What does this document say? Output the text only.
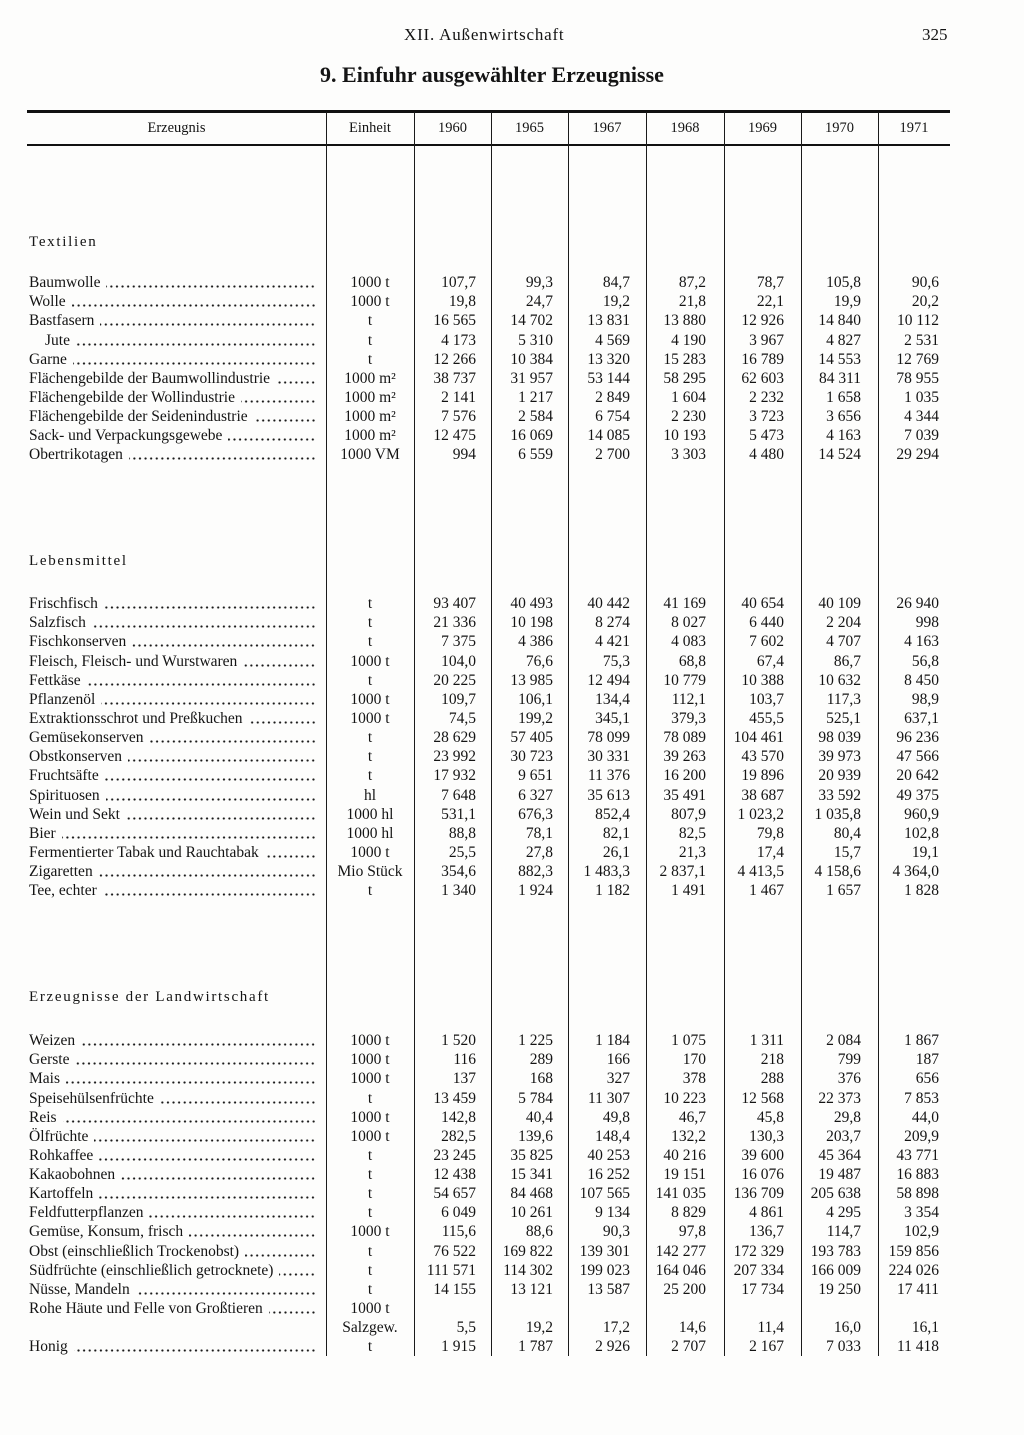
XII. Außenwirtschaft	325
9. Einfuhr ausgewählter Erzeugnisse
Erzeugnis	Einheit	1960	1965	1967	1968	1969	1970	1971
Textilien
Baumwolle	1000 t	107,7	99,3	84,7	87,2	78,7	105,8	90,6
Wolle	1000 t	19,8	24,7	19,2	21,8	22,1	19,9	20,2
Bastfasern	t	16 565	14 702	13 831	13 880	12 926	14 840	10 112
Jute	t	4 173	5 310	4 569	4 190	3 967	4 827	2 531
Garne	t	12 266	10 384	13 320	15 283	16 789	14 553	12 769
Flächengebilde der Baumwollindustrie	1000 m²	38 737	31 957	53 144	58 295	62 603	84 311	78 955
Flächengebilde der Wollindustrie	1000 m²	2 141	1 217	2 849	1 604	2 232	1 658	1 035
Flächengebilde der Seidenindustrie	1000 m²	7 576	2 584	6 754	2 230	3 723	3 656	4 344
Sack- und Verpackungsgewebe	1000 m²	12 475	16 069	14 085	10 193	5 473	4 163	7 039
Obertrikotagen	1000 VM	994	6 559	2 700	3 303	4 480	14 524	29 294
Lebensmittel
Frischfisch	t	93 407	40 493	40 442	41 169	40 654	40 109	26 940
Salzfisch	t	21 336	10 198	8 274	8 027	6 440	2 204	998
Fischkonserven	t	7 375	4 386	4 421	4 083	7 602	4 707	4 163
Fleisch, Fleisch- und Wurstwaren	1000 t	104,0	76,6	75,3	68,8	67,4	86,7	56,8
Fettkäse	t	20 225	13 985	12 494	10 779	10 388	10 632	8 450
Pflanzenöl	1000 t	109,7	106,1	134,4	112,1	103,7	117,3	98,9
Extraktionsschrot und Preßkuchen	1000 t	74,5	199,2	345,1	379,3	455,5	525,1	637,1
Gemüsekonserven	t	28 629	57 405	78 099	78 089	104 461	98 039	96 236
Obstkonserven	t	23 992	30 723	30 331	39 263	43 570	39 973	47 566
Fruchtsäfte	t	17 932	9 651	11 376	16 200	19 896	20 939	20 642
Spirituosen	hl	7 648	6 327	35 613	35 491	38 687	33 592	49 375
Wein und Sekt	1000 hl	531,1	676,3	852,4	807,9	1 023,2	1 035,8	960,9
Bier	1000 hl	88,8	78,1	82,1	82,5	79,8	80,4	102,8
Fermentierter Tabak und Rauchtabak	1000 t	25,5	27,8	26,1	21,3	17,4	15,7	19,1
Zigaretten	Mio Stück	354,6	882,3	1 483,3	2 837,1	4 413,5	4 158,6	4 364,0
Tee, echter	t	1 340	1 924	1 182	1 491	1 467	1 657	1 828
Erzeugnisse der Landwirtschaft
Weizen	1000 t	1 520	1 225	1 184	1 075	1 311	2 084	1 867
Gerste	1000 t	116	289	166	170	218	799	187
Mais	1000 t	137	168	327	378	288	376	656
Speisehülsenfrüchte	t	13 459	5 784	11 307	10 223	12 568	22 373	7 853
Reis	1000 t	142,8	40,4	49,8	46,7	45,8	29,8	44,0
Ölfrüchte	1000 t	282,5	139,6	148,4	132,2	130,3	203,7	209,9
Rohkaffee	t	23 245	35 825	40 253	40 216	39 600	45 364	43 771
Kakaobohnen	t	12 438	15 341	16 252	19 151	16 076	19 487	16 883
Kartoffeln	t	54 657	84 468	107 565	141 035	136 709	205 638	58 898
Feldfutterpflanzen	t	6 049	10 261	9 134	8 829	4 861	4 295	3 354
Gemüse, Konsum, frisch	1000 t	115,6	88,6	90,3	97,8	136,7	114,7	102,9
Obst (einschließlich Trockenobst)	t	76 522	169 822	139 301	142 277	172 329	193 783	159 856
Südfrüchte (einschließlich getrocknete)	t	111 571	114 302	199 023	164 046	207 334	166 009	224 026
Nüsse, Mandeln	t	14 155	13 121	13 587	25 200	17 734	19 250	17 411
Rohe Häute und Felle von Großtieren	1000 t
Salzgew.	5,5	19,2	17,2	14,6	11,4	16,0	16,1
Honig	t	1 915	1 787	2 926	2 707	2 167	7 033	11 418
